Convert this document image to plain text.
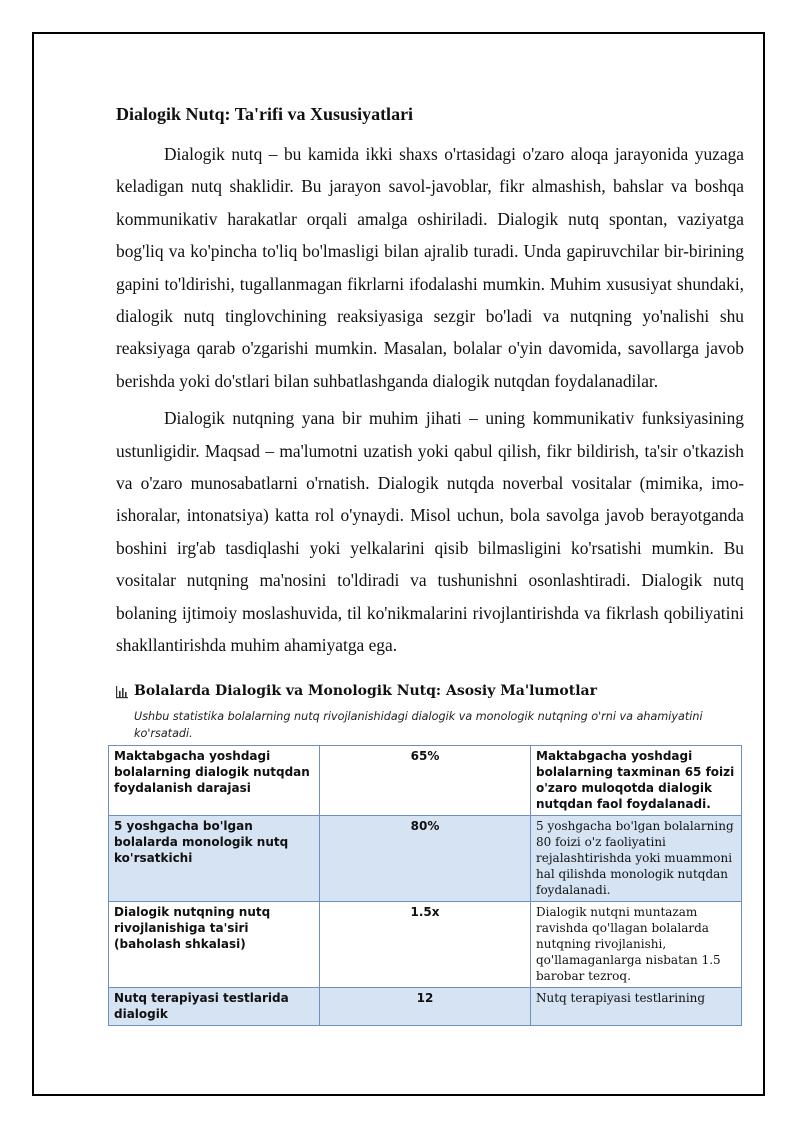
Dialogik Nutq: Ta'rifi va Xususiyatlari

Dialogik nutq – bu kamida ikki shaxs o'rtasidagi o'zaro aloqa jarayonida yuzaga keladigan nutq shaklidir. Bu jarayon savol-javoblar, fikr almashish, bahslar va boshqa kommunikativ harakatlar orqali amalga oshiriladi. Dialogik nutq spontan, vaziyatga bog'liq va ko'pincha to'liq bo'lmasligi bilan ajralib turadi. Unda gapiruvchilar bir-birining gapini to'ldirishi, tugallanmagan fikrlarni ifodalashi mumkin. Muhim xususiyat shundaki, dialogik nutq tinglovchining reaksiyasiga sezgir bo'ladi va nutqning yo'nalishi shu reaksiyaga qarab o'zgarishi mumkin. Masalan, bolalar o'yin davomida, savollarga javob berishda yoki do'stlari bilan suhbatlashganda dialogik nutqdan foydalanadilar.

Dialogik nutqning yana bir muhim jihati – uning kommunikativ funksiyasining ustunligidir. Maqsad – ma'lumotni uzatish yoki qabul qilish, fikr bildirish, ta'sir o'tkazish va o'zaro munosabatlarni o'rnatish. Dialogik nutqda noverbal vositalar (mimika, imo-ishoralar, intonatsiya) katta rol o'ynaydi. Misol uchun, bola savolga javob berayotganda boshini irg'ab tasdiqlashi yoki yelkalarini qisib bilmasligini ko'rsatishi mumkin. Bu vositalar nutqning ma'nosini to'ldiradi va tushunishni osonlashtiradi. Dialogik nutq bolaning ijtimoiy moslashuvida, til ko'nikmalarini rivojlantirishda va fikrlash qobiliyatini shakllantirishda muhim ahamiyatga ega.

Bolalarda Dialogik va Monologik Nutq: Asosiy Ma'lumotlar
Ushbu statistika bolalarning nutq rivojlanishidagi dialogik va monologik nutqning o'rni va ahamiyatini ko'rsatadi.
Maktabgacha yoshdagi bolalarning dialogik nutqdan foydalanish darajasi	65%	Maktabgacha yoshdagi bolalarning taxminan 65 foizi o'zaro muloqotda dialogik nutqdan faol foydalanadi.
5 yoshgacha bo'lgan bolalarda monologik nutq ko'rsatkichi	80%	5 yoshgacha bo'lgan bolalarning 80 foizi o'z faoliyatini rejalashtirishda yoki muammoni hal qilishda monologik nutqdan foydalanadi.
Dialogik nutqning nutq rivojlanishiga ta'siri (baholash shkalasi)	1.5x	Dialogik nutqni muntazam ravishda qo'llagan bolalarda nutqning rivojlanishi, qo'llamaganlarga nisbatan 1.5 barobar tezroq.
Nutq terapiyasi testlarida dialogik	12	Nutq terapiyasi testlarining
